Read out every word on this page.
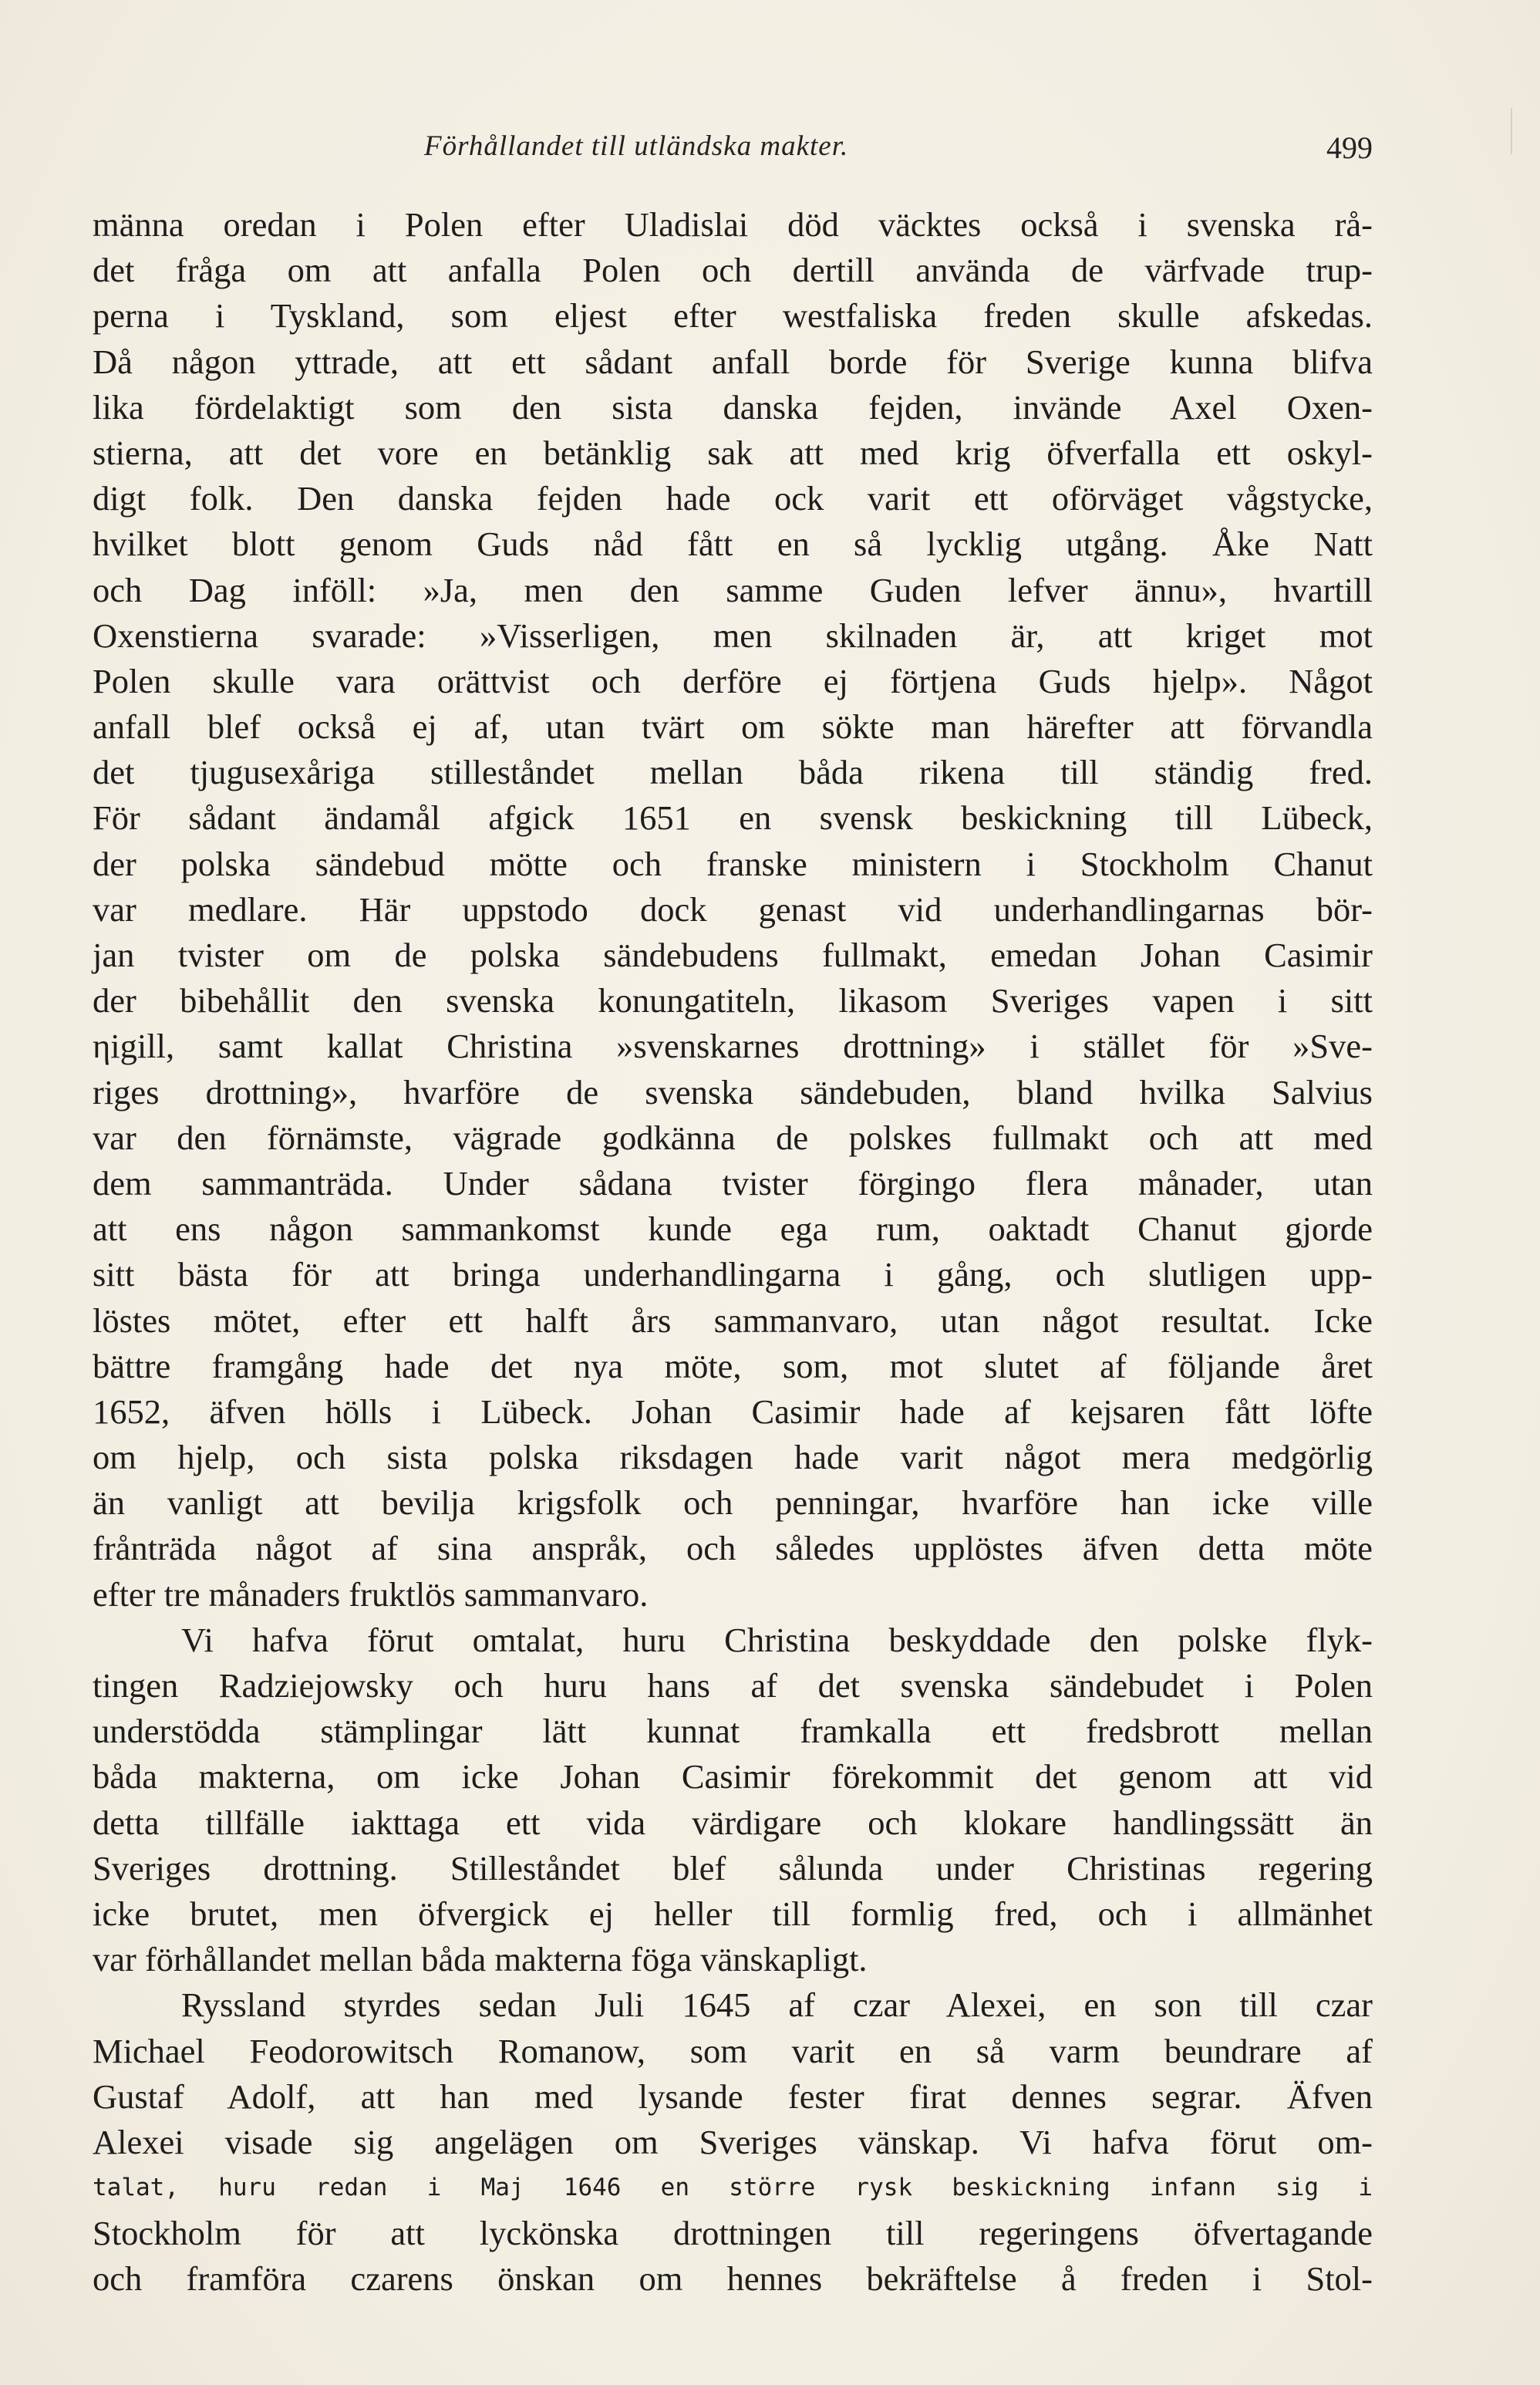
Förhållandet till utländska makter.	499
männa oredan i Polen efter Uladislai död väcktes också i svenska rå-
det fråga om att anfalla Polen och dertill använda de värfvade trup-
perna i Tyskland, som eljest efter westfaliska freden skulle afskedas.
Då någon yttrade, att ett sådant anfall borde för Sverige kunna blifva
lika fördelaktigt som den sista danska fejden, invände Axel Oxen-
stierna, att det vore en betänklig sak att med krig öfverfalla ett oskyl-
digt folk. Den danska fejden hade ock varit ett oförväget vågstycke,
hvilket blott genom Guds nåd fått en så lycklig utgång. Åke Natt
och Dag inföll: »Ja, men den samme Guden lefver ännu», hvartill
Oxenstierna svarade: »Visserligen, men skilnaden är, att kriget mot
Polen skulle vara orättvist och derföre ej förtjena Guds hjelp». Något
anfall blef också ej af, utan tvärt om sökte man härefter att förvandla
det tjugusexåriga stilleståndet mellan båda rikena till ständig fred.
För sådant ändamål afgick 1651 en svensk beskickning till Lübeck,
der polska sändebud mötte och franske ministern i Stockholm Chanut
var medlare. Här uppstodo dock genast vid underhandlingarnas bör-
jan tvister om de polska sändebudens fullmakt, emedan Johan Casimir
der bibehållit den svenska konungatiteln, likasom Sveriges vapen i sitt
ηigill, samt kallat Christina »svenskarnes drottning» i stället för »Sve-
riges drottning», hvarföre de svenska sändebuden, bland hvilka Salvius
var den förnämste, vägrade godkänna de polskes fullmakt och att med
dem sammanträda. Under sådana tvister förgingo flera månader, utan
att ens någon sammankomst kunde ega rum, oaktadt Chanut gjorde
sitt bästa för att bringa underhandlingarna i gång, och slutligen upp-
löstes mötet, efter ett halft års sammanvaro, utan något resultat. Icke
bättre framgång hade det nya möte, som, mot slutet af följande året
1652, äfven hölls i Lübeck. Johan Casimir hade af kejsaren fått löfte
om hjelp, och sista polska riksdagen hade varit något mera medgörlig
än vanligt att bevilja krigsfolk och penningar, hvarföre han icke ville
frånträda något af sina anspråk, och således upplöstes äfven detta möte
efter tre månaders fruktlös sammanvaro.
Vi hafva förut omtalat, huru Christina beskyddade den polske flyk-
tingen Radziejowsky och huru hans af det svenska sändebudet i Polen
understödda stämplingar lätt kunnat framkalla ett fredsbrott mellan
båda makterna, om icke Johan Casimir förekommit det genom att vid
detta tillfälle iakttaga ett vida värdigare och klokare handlingssätt än
Sveriges drottning. Stilleståndet blef sålunda under Christinas regering
icke brutet, men öfvergick ej heller till formlig fred, och i allmänhet
var förhållandet mellan båda makterna föga vänskapligt.
Ryssland styrdes sedan Juli 1645 af czar Alexei, en son till czar
Michael Feodorowitsch Romanow, som varit en så varm beundrare af
Gustaf Adolf, att han med lysande fester firat dennes segrar. Äfven
Alexei visade sig angelägen om Sveriges vänskap. Vi hafva förut om-
talat, huru redan i Maj 1646 en större rysk beskickning infann sig i
Stockholm för att lyckönska drottningen till regeringens öfvertagande
och framföra czarens önskan om hennes bekräftelse å freden i Stol-
